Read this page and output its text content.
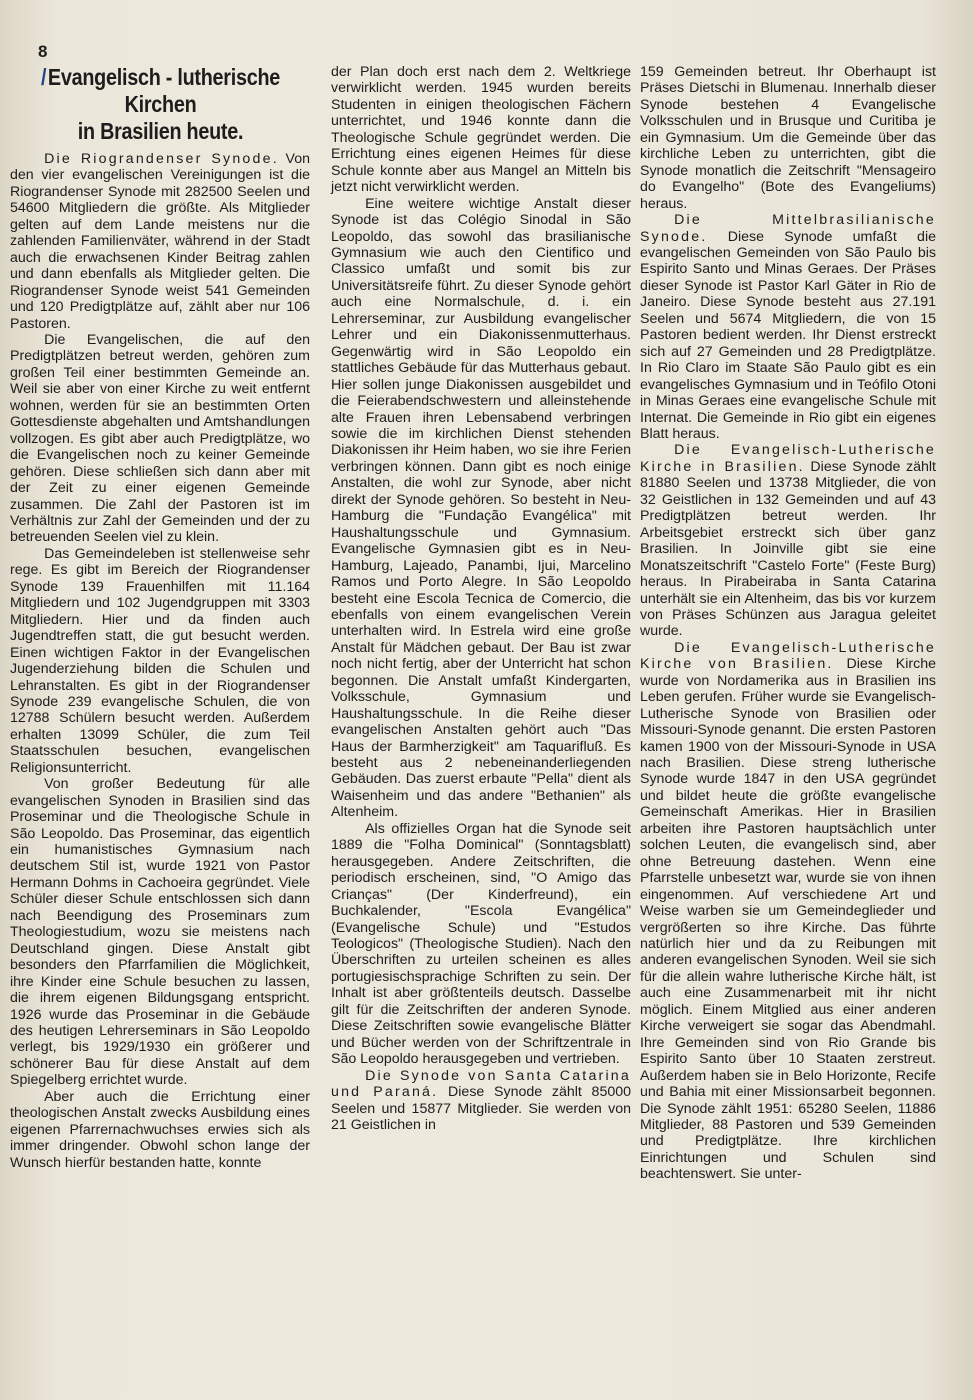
8
/Evangelisch - lutherische Kirchen
in Brasilien heute.

Die Riograndenser Synode. Von den vier evangelischen Vereinigungen ist die Riograndenser Synode mit 282500 Seelen und 54600 Mitgliedern die größte. Als Mitglieder gelten auf dem Lande meistens nur die zahlenden Familienväter, während in der Stadt auch die erwachsenen Kinder Beitrag zahlen und dann ebenfalls als Mitglieder gelten. Die Riograndenser Synode weist 541 Gemeinden und 120 Predigtplätze auf, zählt aber nur 106 Pastoren.

Die Evangelischen, die auf den Predigtplätzen betreut werden, gehören zum großen Teil einer bestimmten Gemeinde an. Weil sie aber von einer Kirche zu weit entfernt wohnen, werden für sie an bestimmten Orten Gottesdienste abgehalten und Amtshandlungen vollzogen. Es gibt aber auch Predigtplätze, wo die Evangelischen noch zu keiner Gemeinde gehören. Diese schließen sich dann aber mit der Zeit zu einer eigenen Gemeinde zusammen. Die Zahl der Pastoren ist im Verhältnis zur Zahl der Gemeinden und der zu betreuenden Seelen viel zu klein.

Das Gemeindeleben ist stellenweise sehr rege. Es gibt im Bereich der Riograndenser Synode 139 Frauenhilfen mit 11.164 Mitgliedern und 102 Jugendgruppen mit 3303 Mitgliedern. Hier und da finden auch Jugendtreffen statt, die gut besucht werden. Einen wichtigen Faktor in der Evangelischen Jugenderziehung bilden die Schulen und Lehranstalten. Es gibt in der Riograndenser Synode 239 evangelische Schulen, die von 12788 Schülern besucht werden. Außerdem erhalten 13099 Schüler, die zum Teil Staatsschulen besuchen, evangelischen Religionsunterricht.

Von großer Bedeutung für alle evangelischen Synoden in Brasilien sind das Proseminar und die Theologische Schule in São Leopoldo. Das Proseminar, das eigentlich ein humanistisches Gymnasium nach deutschem Stil ist, wurde 1921 von Pastor Hermann Dohms in Cachoeira gegründet. Viele Schüler dieser Schule entschlossen sich dann nach Beendigung des Proseminars zum Theologiestudium, wozu sie meistens nach Deutschland gingen. Diese Anstalt gibt besonders den Pfarrfamilien die Möglichkeit, ihre Kinder eine Schule besuchen zu lassen, die ihrem eigenen Bildungsgang entspricht. 1926 wurde das Proseminar in die Gebäude des heutigen Lehrerseminars in São Leopoldo verlegt, bis 1929/1930 ein größerer und schönerer Bau für diese Anstalt auf dem Spiegelberg errichtet wurde.

Aber auch die Errichtung einer theologischen Anstalt zwecks Ausbildung eines eigenen Pfarrernachwuchses erwies sich als immer dringender. Obwohl schon lange der Wunsch hierfür bestanden hatte, konnte

der Plan doch erst nach dem 2. Weltkriege verwirklicht werden. 1945 wurden bereits Studenten in einigen theologischen Fächern unterrichtet, und 1946 konnte dann die Theologische Schule gegründet werden. Die Errichtung eines eigenen Heimes für diese Schule konnte aber aus Mangel an Mitteln bis jetzt nicht verwirklicht werden.

Eine weitere wichtige Anstalt dieser Synode ist das Colégio Sinodal in São Leopoldo, das sowohl das brasilianische Gymnasium wie auch den Cientifico und Classico umfaßt und somit bis zur Universitätsreife führt. Zu dieser Synode gehört auch eine Normalschule, d. i. ein Lehrerseminar, zur Ausbildung evangelischer Lehrer und ein Diakonissenmutterhaus. Gegenwärtig wird in São Leopoldo ein stattliches Gebäude für das Mutterhaus gebaut. Hier sollen junge Diakonissen ausgebildet und die Feierabendschwestern und alleinstehende alte Frauen ihren Lebensabend verbringen sowie die im kirchlichen Dienst stehenden Diakonissen ihr Heim haben, wo sie ihre Ferien verbringen können. Dann gibt es noch einige Anstalten, die wohl zur Synode, aber nicht direkt der Synode gehören. So besteht in Neu-Hamburg die "Fundação Evangélica" mit Haushaltungsschule und Gymnasium. Evangelische Gymnasien gibt es in Neu-Hamburg, Lajeado, Panambi, Ijui, Marcelino Ramos und Porto Alegre. In São Leopoldo besteht eine Escola Tecnica de Comercio, die ebenfalls von einem evangelischen Verein unterhalten wird. In Estrela wird eine große Anstalt für Mädchen gebaut. Der Bau ist zwar noch nicht fertig, aber der Unterricht hat schon begonnen. Die Anstalt umfaßt Kindergarten, Volksschule, Gymnasium und Haushaltungsschule. In die Reihe dieser evangelischen Anstalten gehört auch "Das Haus der Barmherzigkeit" am Taquarifluß. Es besteht aus 2 nebeneinanderliegenden Gebäuden. Das zuerst erbaute "Pella" dient als Waisenheim und das andere "Bethanien" als Altenheim.

Als offizielles Organ hat die Synode seit 1889 die "Folha Dominical" (Sonntagsblatt) herausgegeben. Andere Zeitschriften, die periodisch erscheinen, sind, "O Amigo das Crianças" (Der Kinderfreund), ein Buchkalender, "Escola Evangélica" (Evangelische Schule) und "Estudos Teologicos" (Theologische Studien). Nach den Überschriften zu urteilen scheinen es alles portugiesischsprachige Schriften zu sein. Der Inhalt ist aber größtenteils deutsch. Dasselbe gilt für die Zeitschriften der anderen Synode. Diese Zeitschriften sowie evangelische Blätter und Bücher werden von der Schriftzentrale in São Leopoldo herausgegeben und vertrieben.

Die Synode von Santa Catarina und Paraná. Diese Synode zählt 85000 Seelen und 15877 Mitglieder. Sie werden von 21 Geistlichen in

159 Gemeinden betreut. Ihr Oberhaupt ist Präses Dietschi in Blumenau. Innerhalb dieser Synode bestehen 4 Evangelische Volksschulen und in Brusque und Curitiba je ein Gymnasium. Um die Gemeinde über das kirchliche Leben zu unterrichten, gibt die Synode monatlich die Zeitschrift "Mensageiro do Evangelho" (Bote des Evangeliums) heraus.

Die Mittelbrasilianische Synode. Diese Synode umfaßt die evangelischen Gemeinden von São Paulo bis Espirito Santo und Minas Geraes. Der Präses dieser Synode ist Pastor Karl Gäter in Rio de Janeiro. Diese Synode besteht aus 27.191 Seelen und 5674 Mitgliedern, die von 15 Pastoren bedient werden. Ihr Dienst erstreckt sich auf 27 Gemeinden und 28 Predigtplätze. In Rio Claro im Staate São Paulo gibt es ein evangelisches Gymnasium und in Teófilo Otoni in Minas Geraes eine evangelische Schule mit Internat. Die Gemeinde in Rio gibt ein eigenes Blatt heraus.

Die Evangelisch-Lutherische Kirche in Brasilien. Diese Synode zählt 81880 Seelen und 13738 Mitglieder, die von 32 Geistlichen in 132 Gemeinden und auf 43 Predigtplätzen betreut werden. Ihr Arbeitsgebiet erstreckt sich über ganz Brasilien. In Joinville gibt sie eine Monatszeitschrift "Castelo Forte" (Feste Burg) heraus. In Pirabeiraba in Santa Catarina unterhält sie ein Altenheim, das bis vor kurzem von Präses Schünzen aus Jaragua geleitet wurde.

Die Evangelisch-Lutherische Kirche von Brasilien. Diese Kirche wurde von Nordamerika aus in Brasilien ins Leben gerufen. Früher wurde sie Evangelisch-Lutherische Synode von Brasilien oder Missouri-Synode genannt. Die ersten Pastoren kamen 1900 von der Missouri-Synode in USA nach Brasilien. Diese streng lutherische Synode wurde 1847 in den USA gegründet und bildet heute die größte evangelische Gemeinschaft Amerikas. Hier in Brasilien arbeiten ihre Pastoren hauptsächlich unter solchen Leuten, die evangelisch sind, aber ohne Betreuung dastehen. Wenn eine Pfarrstelle unbesetzt war, wurde sie von ihnen eingenommen. Auf verschiedene Art und Weise warben sie um Gemeindeglieder und vergrößerten so ihre Kirche. Das führte natürlich hier und da zu Reibungen mit anderen evangelischen Synoden. Weil sie sich für die allein wahre lutherische Kirche hält, ist auch eine Zusammenarbeit mit ihr nicht möglich. Einem Mitglied aus einer anderen Kirche verweigert sie sogar das Abendmahl. Ihre Gemeinden sind von Rio Grande bis Espirito Santo über 10 Staaten zerstreut. Außerdem haben sie in Belo Horizonte, Recife und Bahia mit einer Missionsarbeit begonnen. Die Synode zählt 1951: 65280 Seelen, 11886 Mitglieder, 88 Pastoren und 539 Gemeinden und Predigtplätze. Ihre kirchlichen Einrichtungen und Schulen sind beachtenswert. Sie unter-
